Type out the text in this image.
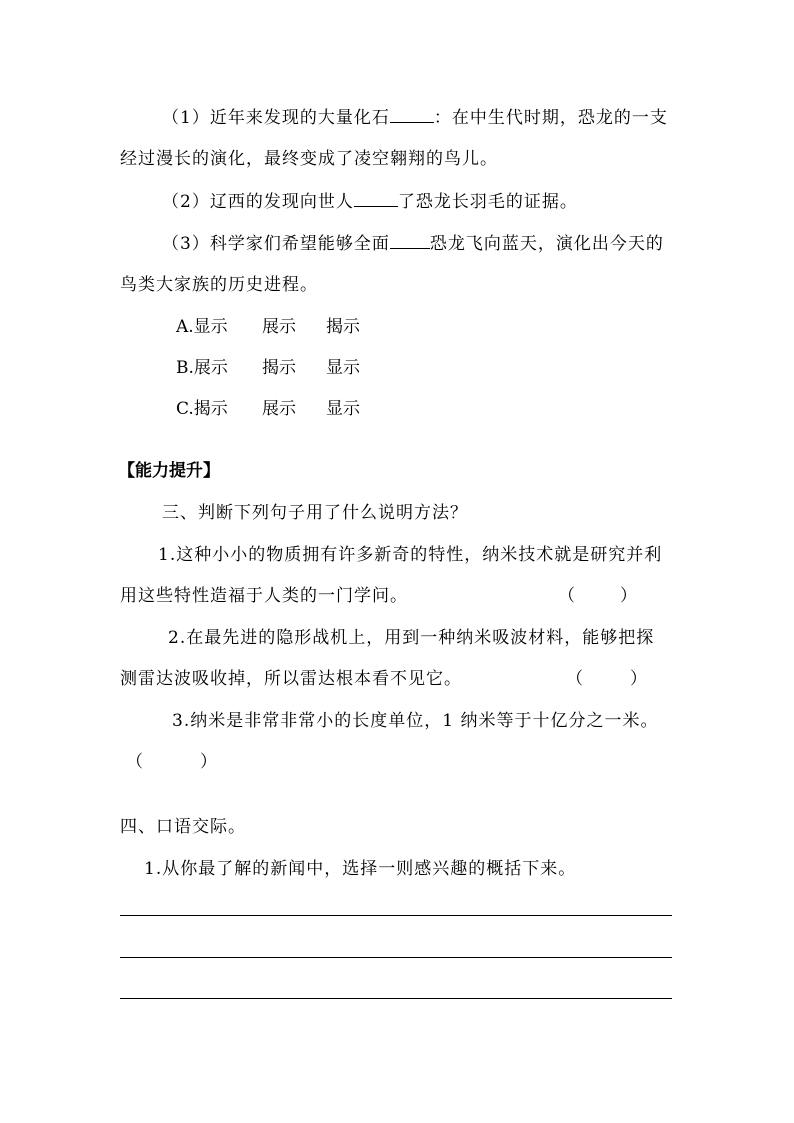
（1）近年来发现的大量化石	：在中生代时期，恐龙的一支
经过漫长的演化，最终变成了凌空翱翔的鸟儿。
（2）辽西的发现向世人	了恐龙长羽毛的证据。
（3）科学家们希望能够全面 恐龙飞向蓝天，演化出今天的
鸟类大家族的历史进程。
A.显示 展示 揭示
B.展示 揭示 显示
C.揭示 展示 显示
【能力提升】
三、判断下列句子用了什么说明方法？
1.这种小小的物质拥有许多新奇的特性，纳米技术就是研究并利
用这些特性造福于人类的一门学问。	（	）
2.在最先进的隐形战机上，用到一种纳米吸波材料，能够把探
测雷达波吸收掉，所以雷达根本看不见它。	（	）
3.纳米是非常非常小的长度单位，1 纳米等于十亿分之一米。
（	）
四、口语交际。
1.从你最了解的新闻中，选择一则感兴趣的概括下来。
